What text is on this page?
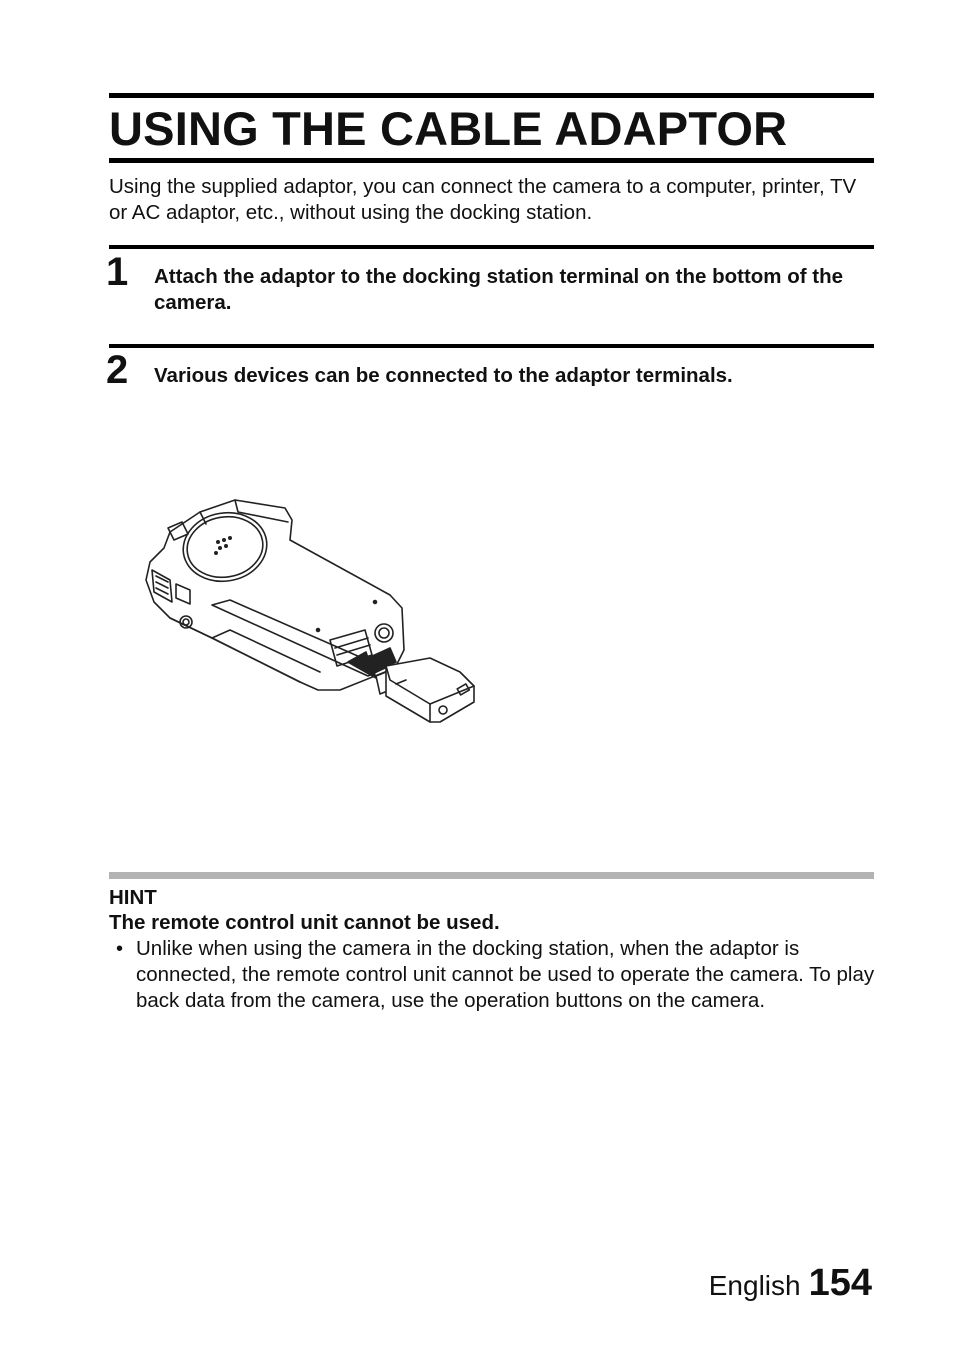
USING THE CABLE ADAPTOR
Using the supplied adaptor, you can connect the camera to a computer, printer, TV or AC adaptor, etc., without using the docking station.
1 Attach the adaptor to the docking station terminal on the bottom of the camera.
2 Various devices can be connected to the adaptor terminals.
HINT
The remote control unit cannot be used.
• Unlike when using the camera in the docking station, when the adaptor is connected, the remote control unit cannot be used to operate the camera. To play back data from the camera, use the operation buttons on the camera.
English 154
